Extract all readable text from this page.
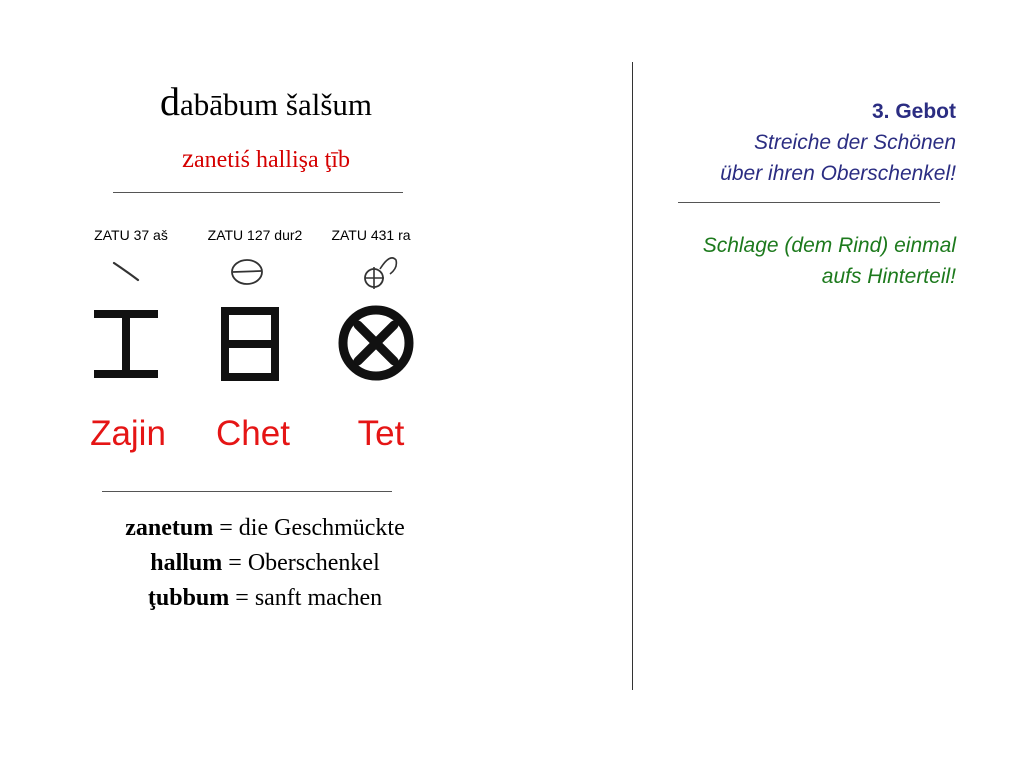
dabābum šalšum
zanetiś hallişa ţīb
ZATU 37 aš	ZATU 127 dur2	ZATU 431 ra
Zajin	Chet	Tet
zanetum = die Geschmückte
hallum = Oberschenkel
ţubbum = sanft machen
3. Gebot
Streiche der Schönen
über ihren Oberschenkel!
Schlage (dem Rind) einmal
aufs Hinterteil!
